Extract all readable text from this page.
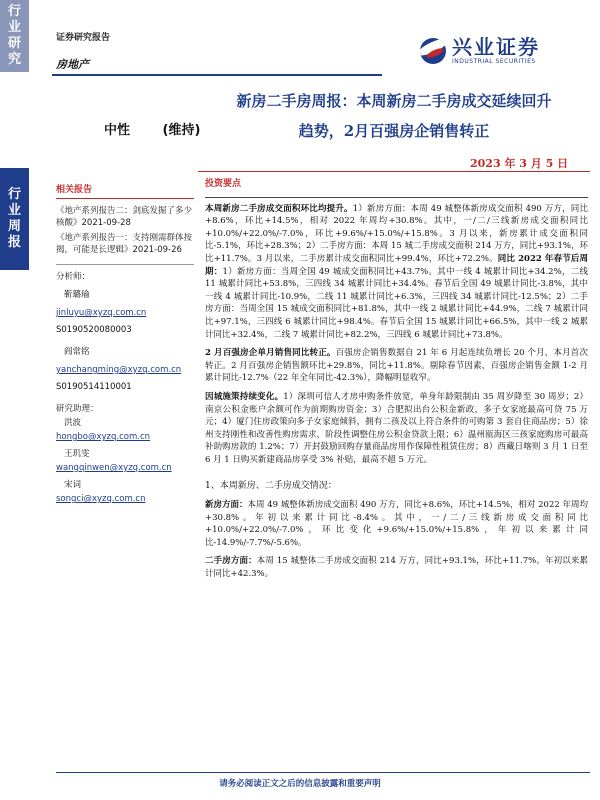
行
业
研
究
行
业
周
报
证券研究报告
房地产
兴业证券
INDUSTRIAL SECURITIES
中性	(维持)
新房二手房周报：本周新房二手房成交延续回升
趋势，2月百强房企销售转正
2023 年 3 月 5 日
相关报告
《地产系列报告二：剑底发掘了多少核酸》2021-09-28
《地产系列报告一：支持刚需群体按揭，可能是长逻辑》2021-09-26
分析师：
靳璐瑜
jinluyu@xyzq.com.cn
S0190520080003
阎常铭
yanchangming@xyzq.com.cn
S0190514110001
研究助理：
洪波
hongbo@xyzq.com.cn
王玑雯
wangqinwen@xyzq.com.cn
宋词
songci@xyzq.com.cn
投资要点

本周新房二手房成交面积环比均提升。1）新房方面：本周 49 城整体新房成交面积 490 万方，同比+8.6%，环比+14.5%，相对 2022 年周均+30.8%。其中，一/二/三线新房成交面积同比+10.0%/+22.0%/-7.0%，环比+9.6%/+15.0%/+15.8%。3 月以来，新房累计成交面积同比-5.1%，环比+28.3%；2）二手房方面：本周 15 城二手房成交面积 214 万方，同比+93.1%，环比+11.7%。3 月以来，二手房累计成交面积同比+99.4%，环比+72.2%。同比 2022 年春节后周期：1）新房方面：当周全国 49 城成交面积同比+43.7%。其中一线 4 城累计同比+34.2%，二线 11 城累计同比+53.8%，三四线 34 城累计同比+34.4%。春节后全国 49 城累计同比-3.8%，其中一线 4 城累计同比-10.9%，二线 11 城累计同比+6.3%，三四线 34 城累计同比-12.5%；2）二手房方面：当周全国 15 城成交面积同比+81.8%，其中一线 2 城累计同比+44.9%，二线 7 城累计同比+97.1%，三四线 6 城累计同比+98.4%。春节后全国 15 城累计同比+66.5%，其中一线 2 城累计同比+32.4%，二线 7 城累计同比+82.2%，三四线 6 城累计同比+73.8%。

2 月百强房企单月销售同比转正。百强房企销售数据自 21 年 6 月起连续负增长 20 个月，本月首次转正。2 月百强房企销售额环比+29.8%，同比+11.8%。剔除春节因素，百强房企销售金额 1-2 月累计同比-12.7%（22 年全年同比-42.3%），降幅明显收窄。

因城施策持续变化。1）深圳可信人才房申购条件放宽，单身年龄限制由 35 周岁降至 30 周岁；2）南京公积金账户余额可作为前期购房资金；3）合肥拟出台公积金新政，多子女家庭最高可贷 75 万元；4）厦门住房政策向多子女家庭倾斜，拥有二孩及以上符合条件的可购第 3 套自住商品房；5）徐州支持刚性和改善性购房需求，阶段性调整住房公积金贷款上限；6）温州瓯海区三孩家庭购房可最高补助购房款的 1.2%；7）开封鼓励回购存量商品房用作保障性租赁住房；8）西藏日喀则 3 月 1 日至 6 月 1 日购买新建商品房享受 3% 补贴，最高不超 5 万元。

1、本周新房、二手房成交情况：

新房方面：本周 49 城整体新房成交面积 490 万方，同比+8.6%，环比+14.5%，相对 2022 年周均+30.8%。年初以来累计同比-8.4%。其中，一/二/三线新房成交面积同比+10.0%/+22.0%/-7.0%，环比变化+9.6%/+15.0%/+15.8%，年初以来累计同比-14.9%/-7.7%/-5.6%。

二手房方面：本周 15 城整体二手房成交面积 214 万方，同比+93.1%，环比+11.7%。年初以来累计同比+42.3%。

请务必阅读正文之后的信息披露和重要声明
